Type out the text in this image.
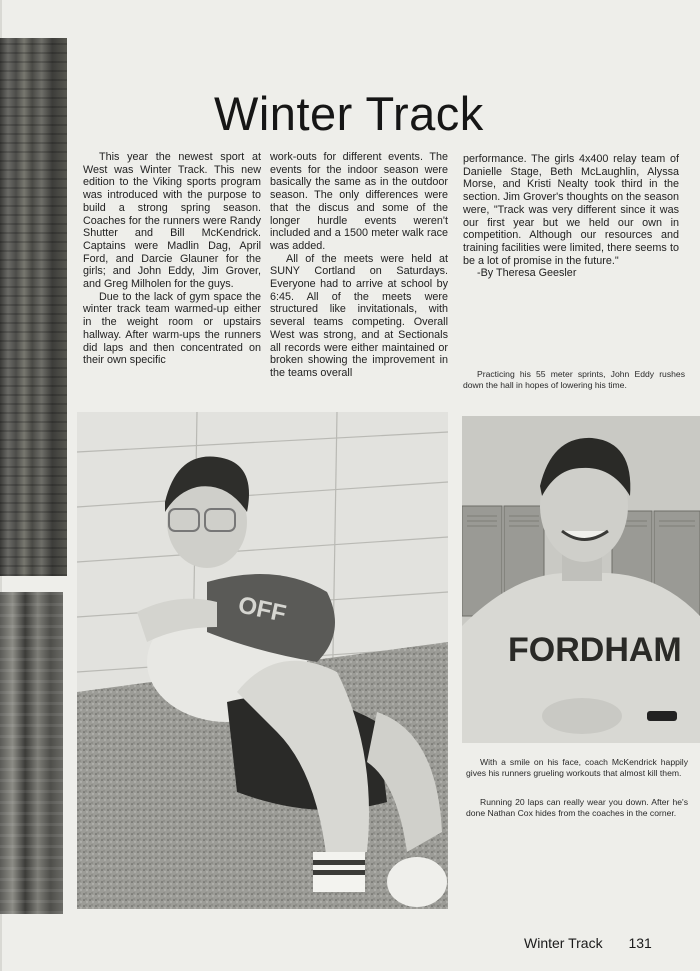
Winter Track

This year the newest sport at West was Winter Track. This new edition to the Viking sports program was introduced with the purpose to build a strong spring season. Coaches for the runners were Randy Shutter and Bill McKendrick. Captains were Madlin Dag, April Ford, and Darcie Glauner for the girls; and John Eddy, Jim Grover, and Greg Milholen for the guys.

Due to the lack of gym space the winter track team warmed-up either in the weight room or upstairs hallway. After warm-ups the runners did laps and then concentrated on their own specific

work-outs for different events. The events for the indoor season were basically the same as in the outdoor season. The only differences were that the discus and some of the longer hurdle events weren't included and a 1500 meter walk race was added.

All of the meets were held at SUNY Cortland on Saturdays. Everyone had to arrive at school by 6:45. All of the meets were structured like invitationals, with several teams competing. Overall West was strong, and at Sectionals all records were either maintained or broken showing the improvement in the teams overall

performance. The girls 4x400 relay team of Danielle Stage, Beth McLaughlin, Alyssa Morse, and Kristi Nealty took third in the section. Jim Grover's thoughts on the season were, "Track was very different since it was our first year but we held our own in competition. Although our resources and training facilities were limited, there seems to be a lot of promise in the future."

-By Theresa Geesler

Practicing his 55 meter sprints, John Eddy rushes down the hall in hopes of lowering his time.

OFF
FORDHAM

With a smile on his face, coach McKendrick happily gives his runners grueling workouts that almost kill them.

Running 20 laps can really wear you down. After he's done Nathan Cox hides from the coaches in the corner.

Winter Track 131
